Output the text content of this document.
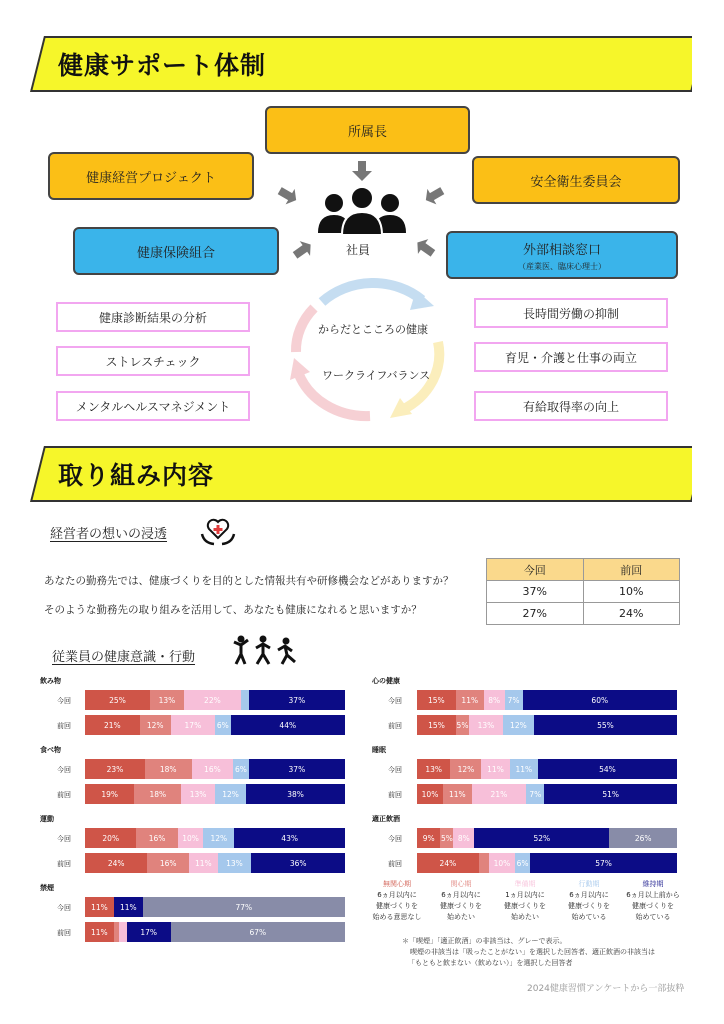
健康サポート体制
所属長
健康経営プロジェクト	安全衛生委員会
健康保険組合	外部相談窓口
（産業医、臨床心理士）
社員
からだとこころの健康
ワークライフバランス
健康診断結果の分析
ストレスチェック
メンタルヘルスマネジメント
長時間労働の抑制
育児・介護と仕事の両立
有給取得率の向上
取り組み内容
経営者の想いの浸透
あなたの勤務先では、健康づくりを目的とした情報共有や研修機会などがありますか？
そのような勤務先の取り組みを活用して、あなたも健康になれると思いますか？
今回	前回
37%	10%
27%	24%
従業員の健康意識・行動
飲み物
今回	25%	13%	22%	37%
前回	21%	12%	17%	6%	44%
食べ物
今回	23%	18%	16%	6%	37%
前回	19%	18%	13%	12%	38%
運動
今回	20%	16%	10%	12%	43%
前回	24%	16%	11%	13%	36%
禁煙
今回	11%	11%	77%
前回	11%	17%	67%
心の健康
今回	15%	11%	8% 7%	60%
前回	15%	5%	13%	12%	55%
睡眠
今回	13%	12%	11%	11%	54%
前回	10%	11%	21%	7%	51%
適正飲酒
今回	9% 5% 8%	52%	26%
前回	24%	10% 6%	57%
無関心期
6ヵ月以内に
健康づくりを
始める意思なし
関心期
6ヵ月以内に
健康づくりを
始めたい
準備期
1ヵ月以内に
健康づくりを
始めたい
行動期
6ヵ月以内に
健康づくりを
始めている
維持期
6ヵ月以上前から
健康づくりを
始めている
＊「喫煙」「適正飲酒」の非該当は、グレーで表示。
喫煙の非該当は「吸ったことがない」を選択した回答者、適正飲酒の非該当は
「もともと飲まない（飲めない）」を選択した回答者
2024健康習慣アンケートから一部抜粋
